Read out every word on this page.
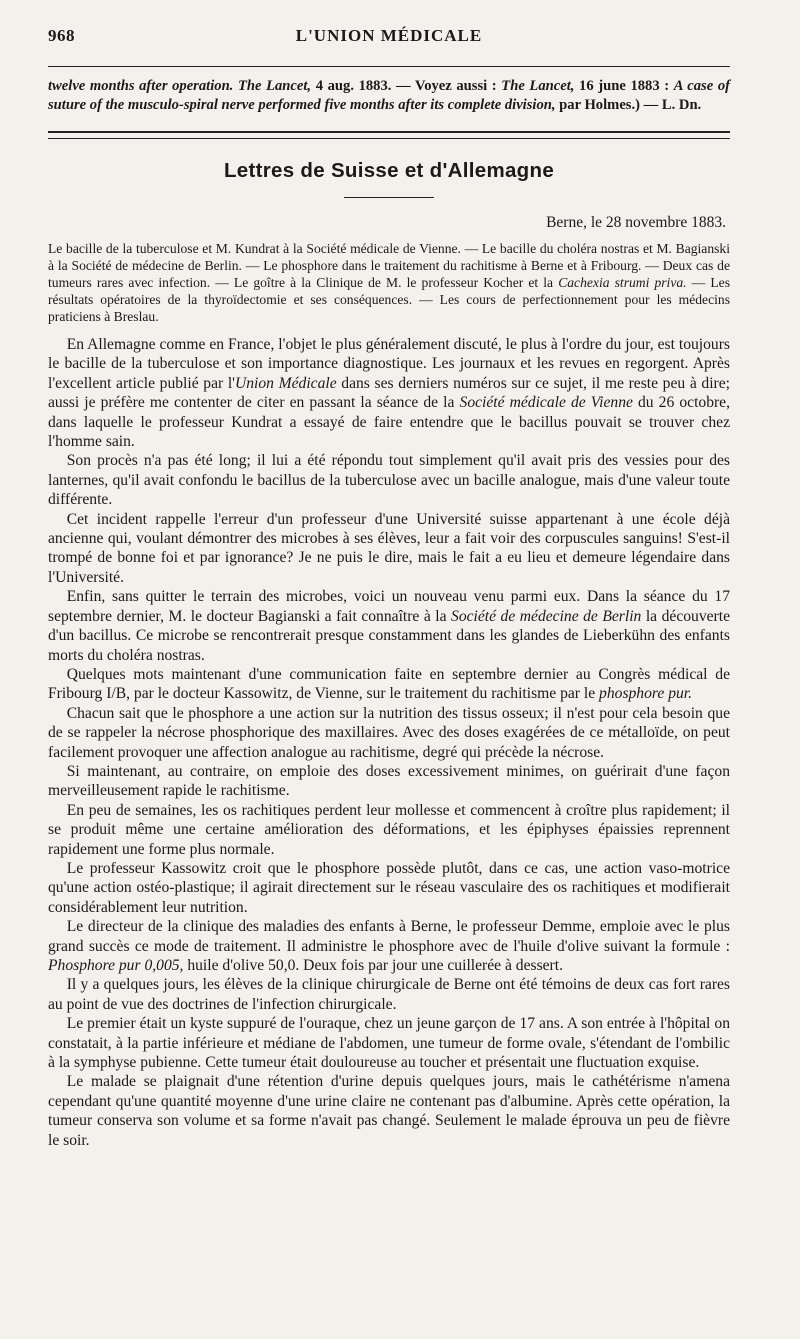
968	L'UNION MÉDICALE
twelve months after operation. The Lancet, 4 aug. 1883. — Voyez aussi : The Lancet, 16 june 1883 : A case of suture of the musculo-spiral nerve performed five months after its complete division, par Holmes.) — L. Dn.
Lettres de Suisse et d'Allemagne
Berne, le 28 novembre 1883.

Le bacille de la tuberculose et M. Kundrat à la Société médicale de Vienne. — Le bacille du choléra nostras et M. Bagianski à la Société de médecine de Berlin. — Le phosphore dans le traitement du rachitisme à Berne et à Fribourg. — Deux cas de tumeurs rares avec infection. — Le goître à la Clinique de M. le professeur Kocher et la Cachexia strumi priva. — Les résultats opératoires de la thyroïdectomie et ses conséquences. — Les cours de perfectionnement pour les médecins praticiens à Breslau.

En Allemagne comme en France, l'objet le plus généralement discuté, le plus à l'ordre du jour, est toujours le bacille de la tuberculose et son importance diagnostique. Les journaux et les revues en regorgent. Après l'excellent article publié par l'Union Médicale dans ses derniers numéros sur ce sujet, il me reste peu à dire; aussi je préfère me contenter de citer en passant la séance de la Société médicale de Vienne du 26 octobre, dans laquelle le professeur Kundrat a essayé de faire entendre que le bacillus pouvait se trouver chez l'homme sain.

Son procès n'a pas été long; il lui a été répondu tout simplement qu'il avait pris des vessies pour des lanternes, qu'il avait confondu le bacillus de la tuberculose avec un bacille analogue, mais d'une valeur toute différente.

Cet incident rappelle l'erreur d'un professeur d'une Université suisse appartenant à une école déjà ancienne qui, voulant démontrer des microbes à ses élèves, leur a fait voir des corpuscules sanguins! S'est-il trompé de bonne foi et par ignorance? Je ne puis le dire, mais le fait a eu lieu et demeure légendaire dans l'Université.

Enfin, sans quitter le terrain des microbes, voici un nouveau venu parmi eux. Dans la séance du 17 septembre dernier, M. le docteur Bagianski a fait connaître à la Société de médecine de Berlin la découverte d'un bacillus. Ce microbe se rencontrerait presque constamment dans les glandes de Lieberkühn des enfants morts du choléra nostras.

Quelques mots maintenant d'une communication faite en septembre dernier au Congrès médical de Fribourg I/B, par le docteur Kassowitz, de Vienne, sur le traitement du rachitisme par le phosphore pur.

Chacun sait que le phosphore a une action sur la nutrition des tissus osseux; il n'est pour cela besoin que de se rappeler la nécrose phosphorique des maxillaires. Avec des doses exagérées de ce métalloïde, on peut facilement provoquer une affection analogue au rachitisme, degré qui précède la nécrose.

Si maintenant, au contraire, on emploie des doses excessivement minimes, on guérirait d'une façon merveilleusement rapide le rachitisme.

En peu de semaines, les os rachitiques perdent leur mollesse et commencent à croître plus rapidement; il se produit même une certaine amélioration des déformations, et les épiphyses épaissies reprennent rapidement une forme plus normale.

Le professeur Kassowitz croit que le phosphore possède plutôt, dans ce cas, une action vaso-motrice qu'une action ostéo-plastique; il agirait directement sur le réseau vasculaire des os rachitiques et modifierait considérablement leur nutrition.

Le directeur de la clinique des maladies des enfants à Berne, le professeur Demme, emploie avec le plus grand succès ce mode de traitement. Il administre le phosphore avec de l'huile d'olive suivant la formule : Phosphore pur 0,005, huile d'olive 50,0. Deux fois par jour une cuillerée à dessert.

Il y a quelques jours, les élèves de la clinique chirurgicale de Berne ont été témoins de deux cas fort rares au point de vue des doctrines de l'infection chirurgicale.

Le premier était un kyste suppuré de l'ouraque, chez un jeune garçon de 17 ans. A son entrée à l'hôpital on constatait, à la partie inférieure et médiane de l'abdomen, une tumeur de forme ovale, s'étendant de l'ombilic à la symphyse pubienne. Cette tumeur était douloureuse au toucher et présentait une fluctuation exquise.

Le malade se plaignait d'une rétention d'urine depuis quelques jours, mais le cathétérisme n'amena cependant qu'une quantité moyenne d'une urine claire ne contenant pas d'albumine. Après cette opération, la tumeur conserva son volume et sa forme n'avait pas changé. Seulement le malade éprouva un peu de fièvre le soir.
